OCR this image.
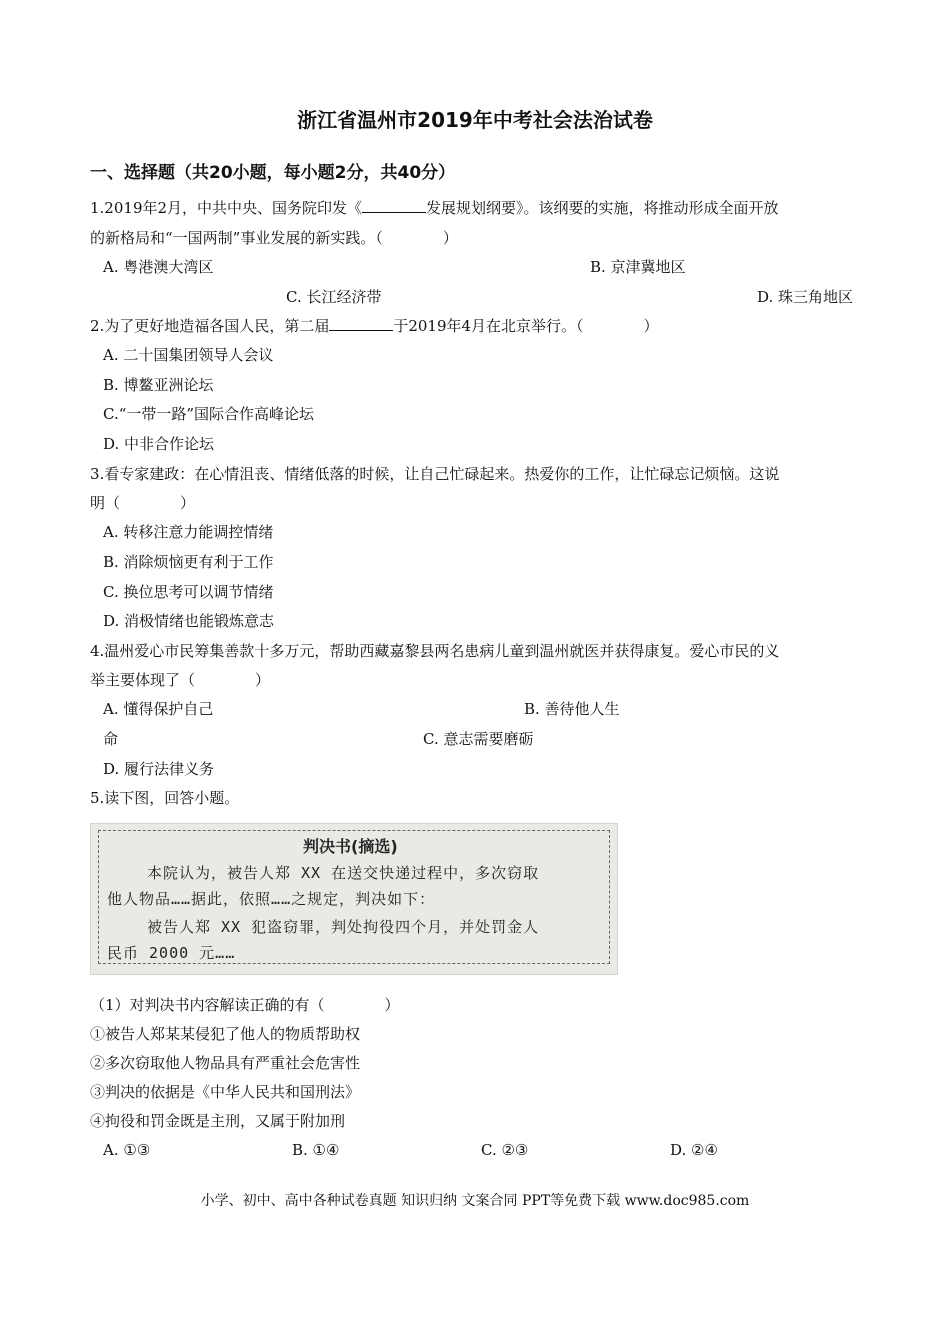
浙江省温州市2019年中考社会法治试卷
一、选择题（共20小题，每小题2分，共40分）
1.2019年2月，中共中央、国务院印发《	发展规划纲要》。该纲要的实施，将推动形成全面开放
的新格局和“一国两制”事业发展的新实践。（　　　　）
A. 粤港澳大湾区	B. 京津冀地区
C. 长江经济带	D. 珠三角地区
2.为了更好地造福各国人民，第二届	于2019年4月在北京举行。（　　　　）
A. 二十国集团领导人会议
B. 博鳌亚洲论坛
C.“一带一路”国际合作高峰论坛
D. 中非合作论坛
3.看专家建政：在心情沮丧、情绪低落的时候，让自己忙碌起来。热爱你的工作，让忙碌忘记烦恼。这说
明（　　　　）
A. 转移注意力能调控情绪
B. 消除烦恼更有利于工作
C. 换位思考可以调节情绪
D. 消极情绪也能锻炼意志
4.温州爱心市民筹集善款十多万元，帮助西藏嘉黎县两名患病儿童到温州就医并获得康复。爱心市民的义
举主要体现了（　　　　）
A. 懂得保护自己	B. 善待他人生
命	C. 意志需要磨砺
D. 履行法律义务
5.读下图，回答小题。
判决书(摘选)
本院认为，被告人郑 XX 在送交快递过程中，多次窃取
他人物品……据此，依照……之规定，判决如下：
被告人郑 XX 犯盗窃罪，判处拘役四个月，并处罚金人
民币 2000 元……
（1）对判决书内容解读正确的有（　　　　）
①被告人郑某某侵犯了他人的物质帮助权
②多次窃取他人物品具有严重社会危害性
③判决的依据是《中华人民共和国刑法》
④拘役和罚金既是主刑，又属于附加刑
A. ①③	B. ①④	C. ②③	D. ②④
小学、初中、高中各种试卷真题 知识归纳 文案合同 PPT等免费下载 www.doc985.com
